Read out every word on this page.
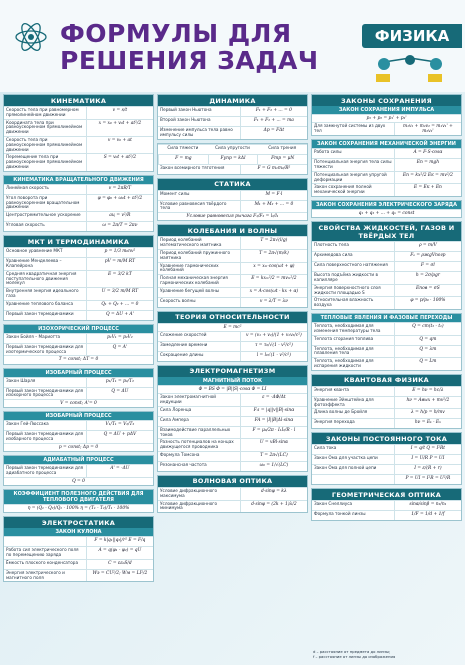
ФОРМУЛЫ ДЛЯ
РЕШЕНИЯ ЗАДАЧ
ФИЗИКА
КИНЕМАТИКА
Скорость тела при равномерном прямолинейном движении
v = s/t
Координата тела при равноускоренном прямолинейном движении
x = x₀ + v₀t + at²/2
Скорость тела при равноускоренном прямолинейном движении
v = v₀ + at
Перемещение тела при равноускоренном прямолинейном движении
S = v₀t + at²/2
КИНЕМАТИКА ВРАЩАТЕЛЬНОГО ДВИЖЕНИЯ
Линейная скорость	v = 2πR/T
Угол поворота при равноускоренном вращательном движении
φ = φ₀ + ω₀t + εt²/2
Центростремительное ускорение	aц = v²/R
Угловая скорость	ω = 2π/T = 2πν
МКТ И ТЕРМОДИНАМИКА
Основное уравнение МКТ	p = 1/3 m₀nv²
Уравнение Менделеева – Клапейрона
pV = m/M RT
Средняя квадратичная энергия поступательного движения молекул
E = 3/2 kT
Внутренняя энергия идеального газа
U = 3/2 m/M RT
Уравнение теплового баланса	Q₁ + Q₂ + ... = 0
Первый закон термодинамики	Q = ΔU + A'
ИЗОХОРИЧЕСКИЙ ПРОЦЕСС
Закон Бойля – Мариотта	p₁V₁ = p₂V₂
Первый закон термодинамики для изотермического процесса
Q = A'
T = const; ΔT = 0
ИЗОБАРНЫЙ ПРОЦЕСС
Закон Шарля	p₁/T₁ = p₂/T₂
Первый закон термодинамики для изохорного процесса
Q = ΔU
V = const; A'= 0
ИЗОБАРНЫЙ ПРОЦЕСС
Закон Гей-Люссака	V₁/T₁ = V₂/T₂
Первый закон термодинамики для изобарного процесса
Q = ΔU + pΔV
p = const; Δp = 0
АДИАБАТНЫЙ ПРОЦЕСС
Первый закон термодинамики для адиабатного процесса
A' = -ΔU
Q = 0
КОЭФФИЦИЕНТ ПОЛЕЗНОГО ДЕЙСТВИЯ ДЛЯ ТЕПЛОВОГО ДВИГАТЕЛЯ
η = (Q₁ - Q₂)/Q₁ · 100% η = (T₁ - T₂)/T₁ · 100%
ЭЛЕКТРОСТАТИКА
ЗАКОН КУЛОНА
F = k|q₁||q₂|/r² E = F/q
Работа сил электрического поля по перемещению заряда
A = q(φ₁ - φ₂) = qU
Ёмкость плоского конденсатора	C = εε₀S/d
Энергия электрического и магнитного поля
Wэ = CU²/2; Wм = LI²/2
ДИНАМИКА
Первый закон Ньютона	F₁ + F₂ + ... = 0
Второй закон Ньютона	F₁ + F₂ + ... = ma
Изменение импульса тела равно импульсу силы
Δp = FΔt
Сила тяжести	Сила упругости	Сила трения
F = mg	Fупр = kΔl	Fтр = μN
Закон всемирного тяготения	F = G m₁m₂/R²
СТАТИКА
Момент силы	M = F·l
Условие равновесия твёрдого тела
M₁ + M₂ + ... = 0
Условие равновесия рычага F₁/F₂ = l₂/l₁
КОЛЕБАНИЯ И ВОЛНЫ
Период колебаний математического маятника
T = 2π√(l/g)
Период колебаний пружинного маятника
T = 2π√(m/k)
Уравнение гармонических колебаний
x = xₘ·cos(ωt + φ)
Полная механическая энергия гармонических колебаний
E = kxₘ²/2 = mvₘ²/2
Уравнение бегущей волны	x = A·cos(ωt - kx + α)
Скорость волны	v = λ/T = λν
ТЕОРИЯ ОТНОСИТЕЛЬНОСТИ
E = mc²
Сложение скоростей	v = (v₁ + v₂)/(1 + v₁v₂/c²)
Замедление времени	τ = τ₀/√(1 - v²/c²)
Сокращение длины	l = l₀√(1 - v²/c²)
ЭЛЕКТРОМАГНЕТИЗМ
МАГНИТНЫЙ ПОТОК
Φ = BS Φ = |B||S|·cosα Φ = LI
Закон электромагнитной индукции
ε = -ΔΦ/Δt
Сила Лоренца	Fл = |q||v||B|·sinα
Сила Ампера	FA = |I||B|Δl·sinα
Взаимодействие параллельных токов
F = μ₀/2π · I₁I₂/R · l
Разность потенциалов на концах движущегося проводника
U = vBl·sinα
Формула Томсона	T = 2π√(LC)
Резонансная частота	ω₀ = 1/√(LC)
ВОЛНОВАЯ ОПТИКА
Условие дифракционного максимума
d·sinφ = kλ
Условие дифракционного минимума
d·sinφ = (2k + 1)λ/2
ЗАКОНЫ СОХРАНЕНИЯ
ЗАКОН СОХРАНЕНИЯ ИМПУЛЬСА
p₁ + p₂ = p₁' + p₂'
Для замкнутой системы из двух тел
m₁v₁ + m₂v₂ = m₁v₁' + m₂v₂'
ЗАКОН СОХРАНЕНИЯ МЕХАНИЧЕСКОЙ ЭНЕРГИИ
Работа силы	A = F·S·cosα
Потенциальная энергия тела силы тяжести
Eп = mgh
Потенциальная энергия упругой деформации
Eп = kx²/2 Eк = mv²/2
Закон сохранения полной механической энергии
E = Eк + Eп
ЗАКОН СОХРАНЕНИЯ ЭЛЕКТРИЧЕСКОГО ЗАРЯДА
q₁ + q₂ + ... + qₙ = const
СВОЙСТВА ЖИДКОСТЕЙ, ГАЗОВ И ТВЁРДЫХ ТЕЛ
Плотность тела	ρ = m/V
Архимедова сила	Fₐ = ρжgVпогр
Сила поверхностного натяжения	F = σl
Высота подъёма жидкости в капилляре
h = 2σ/ρgr
Энергия поверхностного слоя жидкости площадью S
Eпов = σS
Относительная влажность воздуха
φ = p/p₀ · 100%
ТЕПЛОВЫЕ ЯВЛЕНИЯ И ФАЗОВЫЕ ПЕРЕХОДЫ
Теплота, необходимая для изменения температуры тела
Q = cm(t₂ - t₁)
Теплота сгорания топлива	Q = qm
Теплота, необходимая для плавления тела
Q = λm
Теплота, необходимая для испарения жидкости
Q = Lm
КВАНТОВАЯ ФИЗИКА
Энергия кванта	E = hν = hc/λ
Уравнение Эйнштейна для фотоэффекта
hν = Aвых + mv²/2
Длина волны де Бройля	λ = h/p = h/mv
Энергия перехода	hν = Eₖ - Eₙ
ЗАКОНЫ ПОСТОЯННОГО ТОКА
Сила тока	I = q/t Q = I²Rt
Закон Ома для участка цепи	I = U/R P = UI
Закон Ома для полной цепи	I = ε/(R + r)
P = UI = I²R = U²/R
ГЕОМЕТРИЧЕСКАЯ ОПТИКА
Закон Снеллиуса	sinα/sinβ = n₂/n₁
Формула тонкой линзы	1/F = 1/d + 1/f
d – расстояние от предмета до линзы;
f – расстояние от линзы до изображения
